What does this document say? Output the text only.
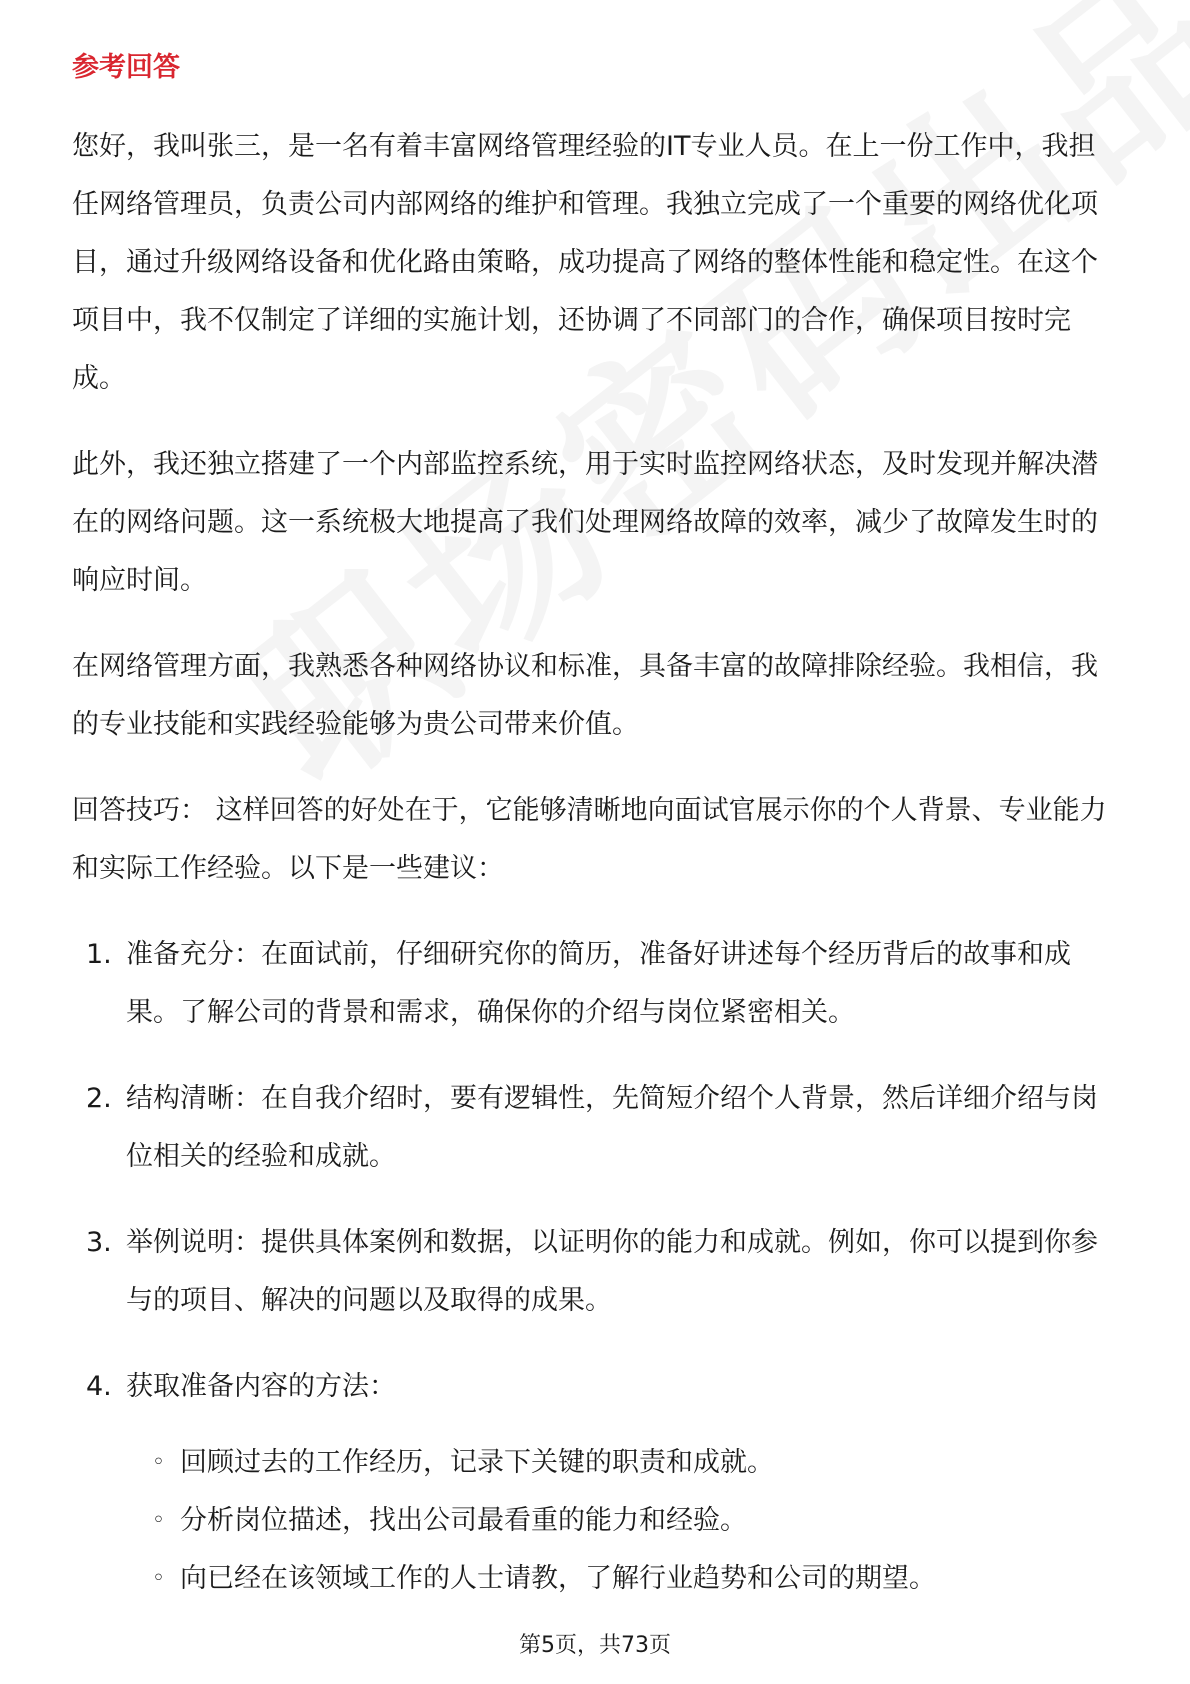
参考回答

您好，我叫张三，是一名有着丰富网络管理经验的IT专业人员。在上一份工作中，我担任网络管理员，负责公司内部网络的维护和管理。我独立完成了一个重要的网络优化项目，通过升级网络设备和优化路由策略，成功提高了网络的整体性能和稳定性。在这个项目中，我不仅制定了详细的实施计划，还协调了不同部门的合作，确保项目按时完成。

此外，我还独立搭建了一个内部监控系统，用于实时监控网络状态，及时发现并解决潜在的网络问题。这一系统极大地提高了我们处理网络故障的效率，减少了故障发生时的响应时间。

在网络管理方面，我熟悉各种网络协议和标准，具备丰富的故障排除经验。我相信，我的专业技能和实践经验能够为贵公司带来价值。

回答技巧： 这样回答的好处在于，它能够清晰地向面试官展示你的个人背景、专业能力和实际工作经验。以下是一些建议：

1. 准备充分：在面试前，仔细研究你的简历，准备好讲述每个经历背后的故事和成果。了解公司的背景和需求，确保你的介绍与岗位紧密相关。
2. 结构清晰：在自我介绍时，要有逻辑性，先简短介绍个人背景，然后详细介绍与岗位相关的经验和成就。
3. 举例说明：提供具体案例和数据，以证明你的能力和成就。例如，你可以提到你参与的项目、解决的问题以及取得的成果。
4. 获取准备内容的方法：
◦ 回顾过去的工作经历，记录下关键的职责和成就。
◦ 分析岗位描述，找出公司最看重的能力和经验。
◦ 向已经在该领域工作的人士请教，了解行业趋势和公司的期望。
第5页，共73页
